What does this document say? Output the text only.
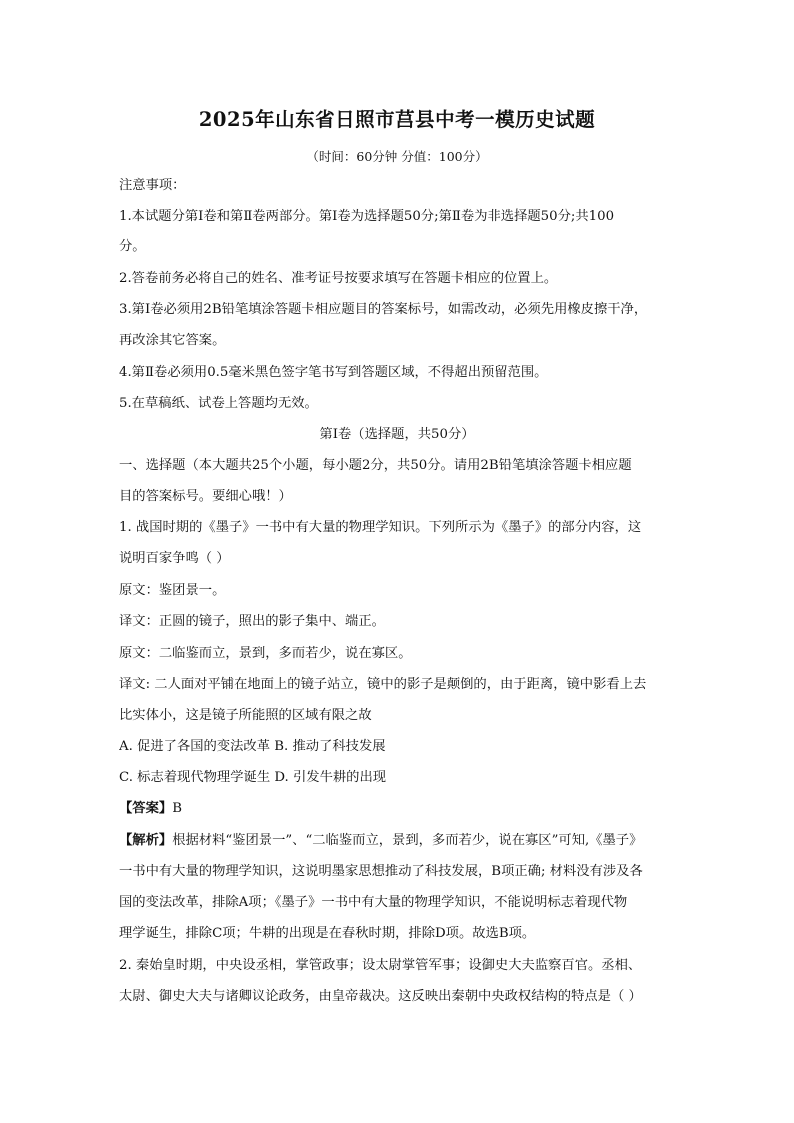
2025年山东省日照市莒县中考一模历史试题
（时间：60分钟 分值：100分）
注意事项：
1.本试题分第Ⅰ卷和第Ⅱ卷两部分。第Ⅰ卷为选择题50分;第Ⅱ卷为非选择题50分;共100
分。
2.答卷前务必将自己的姓名、准考证号按要求填写在答题卡相应的位置上。
3.第Ⅰ卷必须用2B铅笔填涂答题卡相应题目的答案标号，如需改动，必须先用橡皮擦干净，
再改涂其它答案。
4.第Ⅱ卷必须用0.5毫米黑色签字笔书写到答题区域，不得超出预留范围。
5.在草稿纸、试卷上答题均无效。
第Ⅰ卷（选择题，共50分）
一、选择题（本大题共25个小题，每小题2分，共50分。请用2B铅笔填涂答题卡相应题
目的答案标号。要细心哦！）
1. 战国时期的《墨子》一书中有大量的物理学知识。下列所示为《墨子》的部分内容，这
说明百家争鸣（ ）
原文：鉴团景一。
译文：正圆的镜子，照出的影子集中、端正。
原文：二临鉴而立，景到，多而若少，说在寡区。
译文: 二人面对平铺在地面上的镜子站立，镜中的影子是颠倒的，由于距离，镜中影看上去
比实体小，这是镜子所能照的区域有限之故
A. 促进了各国的变法改革 B. 推动了科技发展
C. 标志着现代物理学诞生 D. 引发牛耕的出现
【答案】B
【解析】根据材料“鉴团景一”、“二临鉴而立，景到，多而若少，说在寡区”可知,《墨子》
一书中有大量的物理学知识，这说明墨家思想推动了科技发展，B项正确; 材料没有涉及各
国的变法改革，排除A项；《墨子》一书中有大量的物理学知识，不能说明标志着现代物
理学诞生，排除C项；牛耕的出现是在春秋时期，排除D项。故选B项。
2. 秦始皇时期，中央设丞相，掌管政事；设太尉掌管军事；设御史大夫监察百官。丞相、
太尉、御史大夫与诸卿议论政务，由皇帝裁决。这反映出秦朝中央政权结构的特点是（ ）
